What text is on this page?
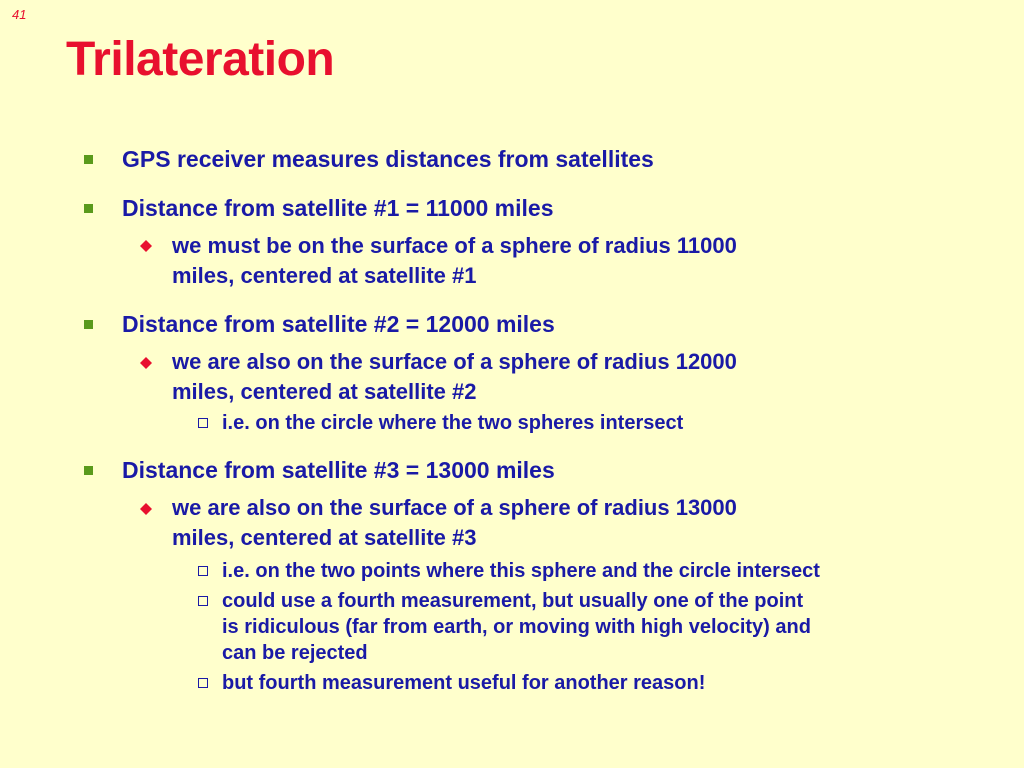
41
Trilateration
GPS receiver measures distances from satellites
Distance from satellite #1 = 11000 miles
we must be on the surface of a sphere of radius 11000
miles, centered at satellite #1
Distance from satellite #2 = 12000 miles
we are also on the surface of a sphere of radius 12000
miles, centered at satellite #2
i.e. on the circle where the two spheres intersect
Distance from satellite #3 = 13000 miles
we are also on the surface of a sphere of radius 13000
miles, centered at satellite #3
i.e. on the two points where this sphere and the circle intersect
could use a fourth measurement, but usually one of the point
is ridiculous (far from earth, or moving with high velocity) and
can be rejected
but fourth measurement useful for another reason!
